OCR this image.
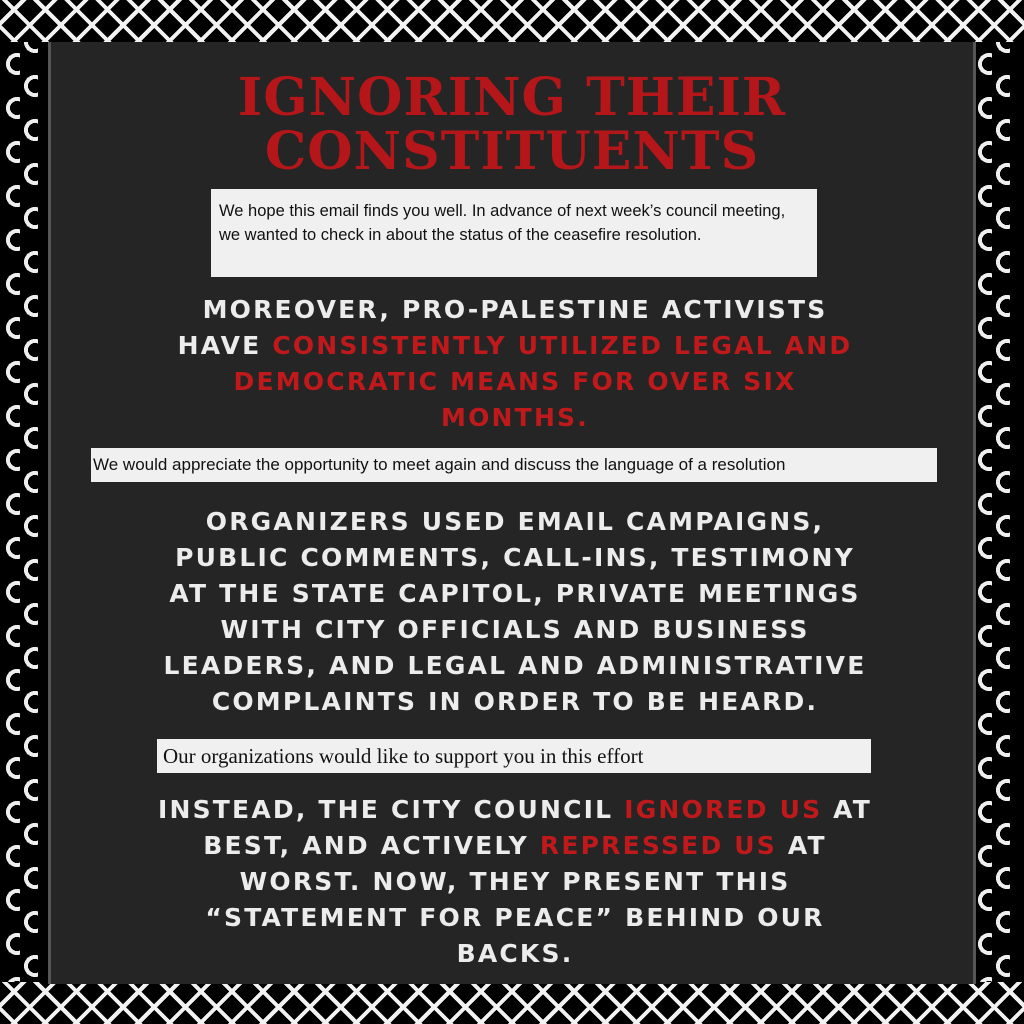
IGNORING THEIR
CONSTITUENTS
We hope this email finds you well. In advance of next week’s council meeting, we wanted to check in about the status of the ceasefire resolution.
MOREOVER, PRO-PALESTINE ACTIVISTS
HAVE CONSISTENTLY UTILIZED LEGAL AND
DEMOCRATIC MEANS FOR OVER SIX
MONTHS.
We would appreciate the opportunity to meet again and discuss the language of a resolution
ORGANIZERS USED EMAIL CAMPAIGNS,
PUBLIC COMMENTS, CALL-INS, TESTIMONY
AT THE STATE CAPITOL, PRIVATE MEETINGS
WITH CITY OFFICIALS AND BUSINESS
LEADERS, AND LEGAL AND ADMINISTRATIVE
COMPLAINTS IN ORDER TO BE HEARD.
Our organizations would like to support you in this effort
INSTEAD, THE CITY COUNCIL IGNORED US AT
BEST, AND ACTIVELY REPRESSED US AT
WORST. NOW, THEY PRESENT THIS
“STATEMENT FOR PEACE” BEHIND OUR
BACKS.
